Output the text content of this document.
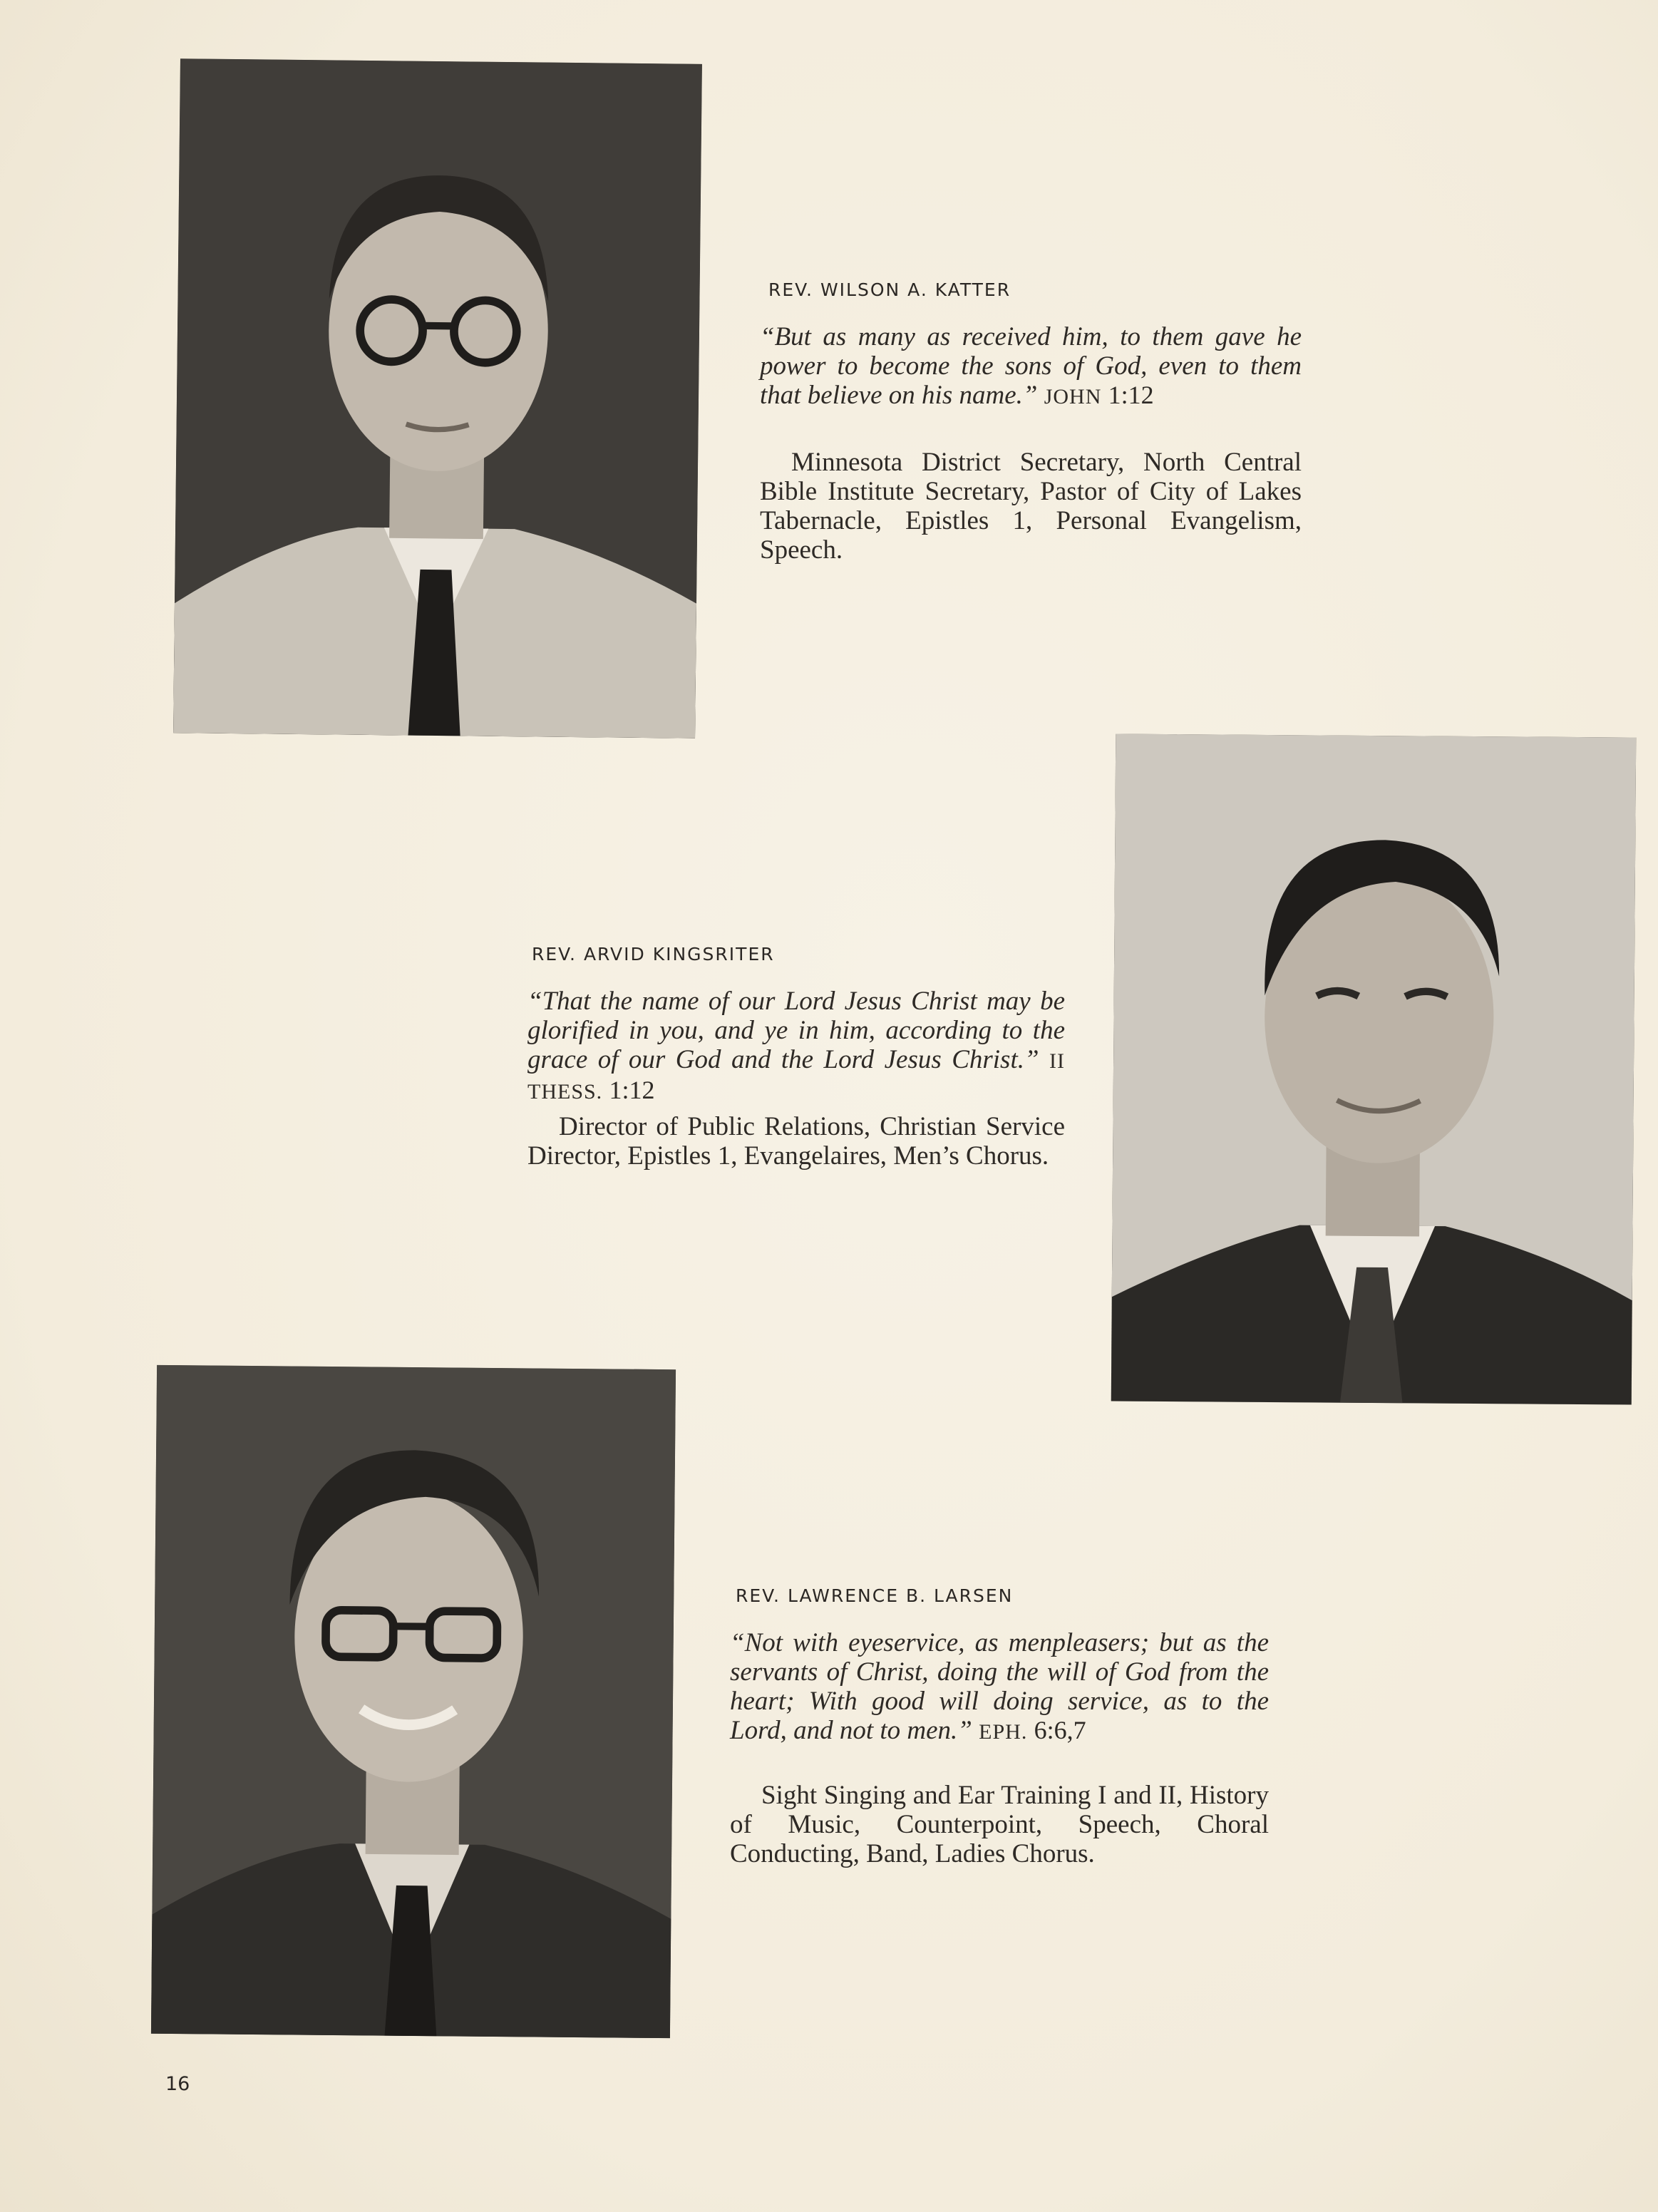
REV. WILSON A. KATTER
“But as many as received him, to them gave he power to become the sons of God, even to them that believe on his name.” JOHN 1:12
Minnesota District Secretary, North Central Bible Institute Secretary, Pastor of City of Lakes Tabernacle, Epistles 1, Personal Evangelism, Speech.
REV. ARVID KINGSRITER
“That the name of our Lord Jesus Christ may be glorified in you, and ye in him, according to the grace of our God and the Lord Jesus Christ.” II THESS. 1:12
Director of Public Relations, Christian Service Director, Epistles 1, Evangelaires, Men’s Chorus.
REV. LAWRENCE B. LARSEN
“Not with eyeservice, as menpleasers; but as the servants of Christ, doing the will of God from the heart; With good will doing service, as to the Lord, and not to men.” EPH. 6:6,7
Sight Singing and Ear Training I and II, History of Music, Counterpoint, Speech, Choral Conducting, Band, Ladies Chorus.
16
